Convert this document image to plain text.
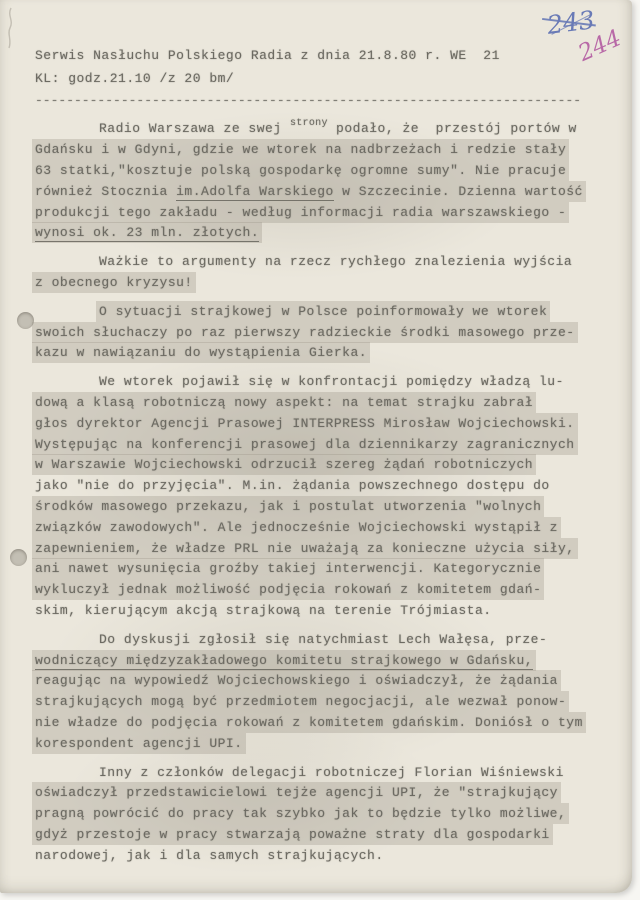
243
244
Serwis Nasłuchu Polskiego Radia z dnia 21.8.80 r. WE  21
KL: godz.21.10 /z 20 bm/
----------------------------------------------------------------------
Radio Warszawa ze swej $^{strony}$ podało, że  przestój portów w
Gdańsku i w Gdyni, gdzie we wtorek na nadbrzeżach i redzie stały
63 statki,"kosztuje polską gospodarkę ogromne sumy". Nie pracuje
również Stocznia im.Adolfa Warskiego w Szczecinie. Dzienna wartość
produkcji tego zakładu - według informacji radia warszawskiego -
wynosi ok. 23 mln. złotych.
Ważkie to argumenty na rzecz rychłego znalezienia wyjścia
z obecnego kryzysu!
O sytuacji strajkowej w Polsce poinformowały we wtorek
swoich słuchaczy po raz pierwszy radzieckie środki masowego prze-
kazu w nawiązaniu do wystąpienia Gierka.
We wtorek pojawił się w konfrontacji pomiędzy władzą lu-
dową a klasą robotniczą nowy aspekt: na temat strajku zabrał
głos dyrektor Agencji Prasowej INTERPRESS Mirosław Wojciechowski.
Występując na konferencji prasowej dla dziennikarzy zagranicznych
w Warszawie Wojciechowski odrzucił szereg żądań robotniczych
jako "nie do przyjęcia". M.in. żądania powszechnego dostępu do
środków masowego przekazu, jak i postulat utworzenia "wolnych
związków zawodowych". Ale jednocześnie Wojciechowski wystąpił z
zapewnieniem, że władze PRL nie uważają za konieczne użycia siły,
ani nawet wysunięcia groźby takiej interwencji. Kategorycznie
wykluczył jednak możliwość podjęcia rokowań z komitetem gdań-
skim, kierującym akcją strajkową na terenie Trójmiasta.
Do dyskusji zgłosił się natychmiast Lech Wałęsa, prze-
wodniczący międzyzakładowego komitetu strajkowego w Gdańsku,
reagując na wypowiedź Wojciechowskiego i oświadczył, że żądania
strajkujących mogą być przedmiotem negocjacji, ale wezwał ponow-
nie władze do podjęcia rokowań z komitetem gdańskim. Doniósł o tym
korespondent agencji UPI.
Inny z członków delegacji robotniczej Florian Wiśniewski
oświadczył przedstawicielowi tejże agencji UPI, że "strajkujący
pragną powrócić do pracy tak szybko jak to będzie tylko możliwe,
gdyż przestoje w pracy stwarzają poważne straty dla gospodarki
narodowej, jak i dla samych strajkujących.
